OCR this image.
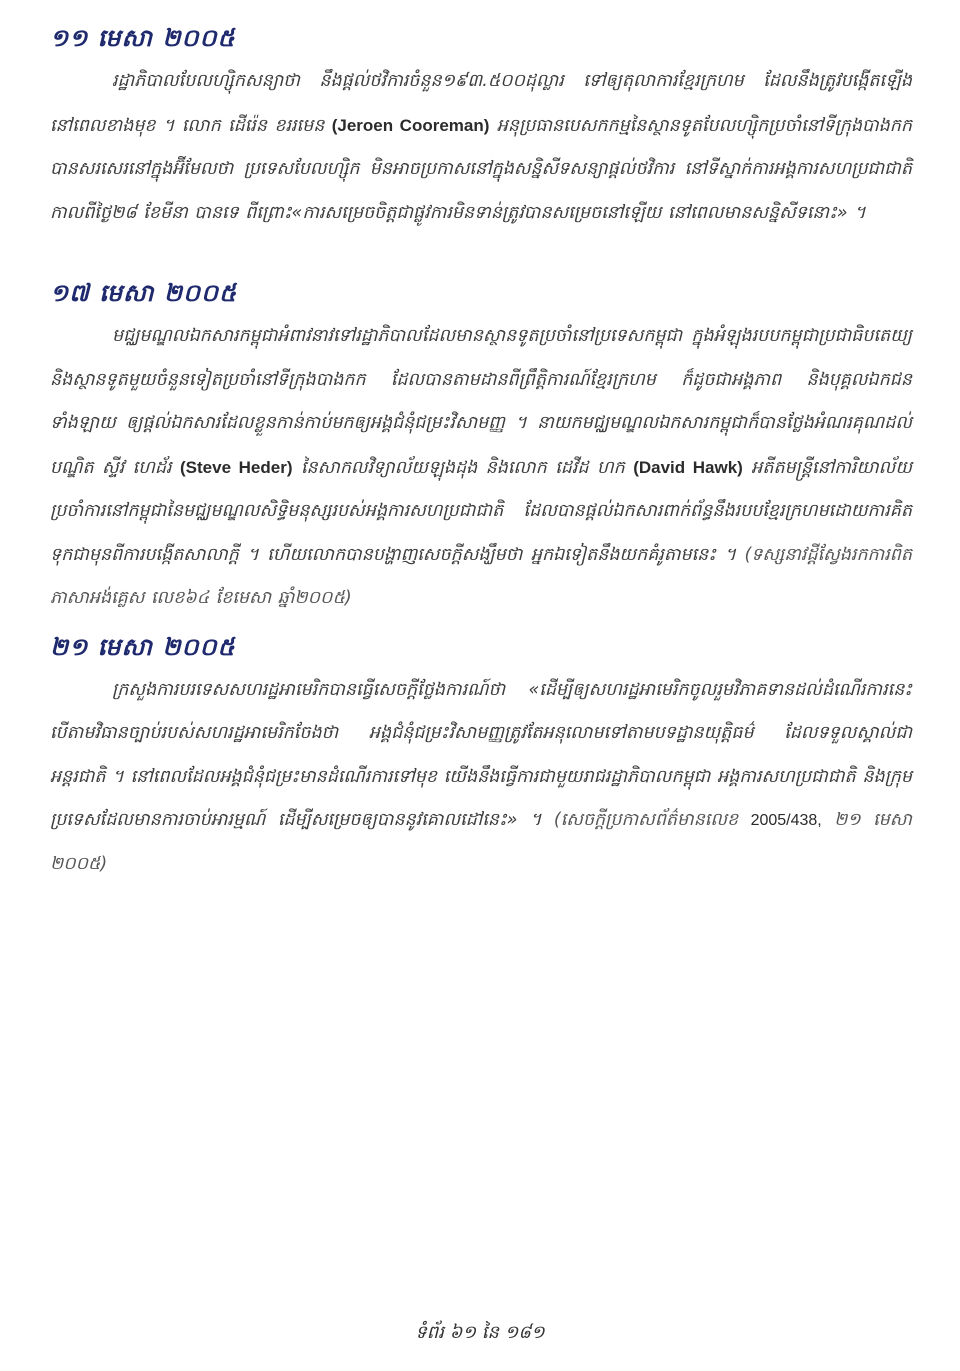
១១ មេសា ២០០៥

រដ្ឋាភិបាលបែលហ្ស៊ិកសន្យាថា នឹងផ្តល់ថវិការចំនួន១៩៣.៥០០ដុល្លារ ទៅឲ្យតុលាការខ្មែរក្រហម ដែលនឹងត្រូវបង្កើតឡើងនៅពេលខាងមុខ ។ លោក ដើរ៉េន ខររមេន (Jeroen Cooreman) អនុប្រធានបេសកកម្មនៃស្ថានទូតបែលហ្ស៊ិកប្រចាំនៅទីក្រុងបាងកក បានសរសេរនៅក្នុងអ៊ីមែលថា ប្រទេសបែលហ្ស៊ិក មិនអាចប្រកាសនៅក្នុងសន្និសីទសន្យាផ្តល់ថវិការ នៅទីស្នាក់ការអង្គការសហប្រជាជាតិ កាលពីថ្ងៃ២៨ ខែមីនា បានទេ ពីព្រោះ«ការសម្រេចចិត្តជាផ្លូវការមិនទាន់ត្រូវបានសម្រេចនៅឡើយ នៅពេលមានសន្និសីទនោះ» ។

១៧ មេសា ២០០៥

មជ្ឈមណ្ឌលឯកសារកម្ពុជាអំពាវនាវទៅរដ្ឋាភិបាលដែលមានស្ថានទូតប្រចាំនៅប្រទេសកម្ពុជា ក្នុងអំឡុងរបបកម្ពុជាប្រជាធិបតេយ្យ និងស្ថានទូតមួយចំនួនទៀតប្រចាំនៅទីក្រុងបាងកក ដែលបានតាមដានពីព្រឹត្តិការណ៍ខ្មែរក្រហម ក៏ដូចជាអង្គភាព និងបុគ្គលឯកជនទាំងឡាយ ឲ្យផ្តល់ឯកសារដែលខ្លួនកាន់កាប់មកឲ្យអង្គជំនុំជម្រះវិសាមញ្ញ ។ នាយកមជ្ឈមណ្ឌលឯកសារកម្ពុជាក៏បានថ្លែងអំណរគុណដល់បណ្ឌិត ស្ទីវ ហេដ័រ (Steve Heder) នៃសាកលវិទ្យាល័យឡុងដុង និងលោក ដេវីដ ហក (David Hawk) អតីតមន្ត្រីនៅការិយាល័យប្រចាំការនៅកម្ពុជានៃមជ្ឈមណ្ឌលសិទ្ធិមនុស្សរបស់អង្គការសហប្រជាជាតិ ដែលបានផ្តល់ឯកសារពាក់ព័ន្ធនឹងរបបខ្មែរក្រហមដោយការគិតទុកជាមុនពីការបង្កើតសាលាក្តី ។ ហើយលោកបានបង្ហាញសេចក្តីសង្ឃឹមថា អ្នកឯទៀតនឹងយកគំរូតាមនេះ ។ (ទស្សនាវដ្តីស្វែងរកការពិត ភាសាអង់គ្លេស លេខ៦៤ ខែមេសា ឆ្នាំ២០០៥)

២១ មេសា ២០០៥

ក្រសួងការបរទេសសហរដ្ឋអាមេរិកបានធ្វើសេចក្តីថ្លែងការណ៍ថា «ដើម្បីឲ្យសហរដ្ឋអាមេរិកចូលរួមវិភាគទានដល់ដំណើរការនេះ បើតាមវិធានច្បាប់របស់សហរដ្ឋអាមេរិកចែងថា អង្គជំនុំជម្រះវិសាមញ្ញត្រូវតែអនុលោមទៅតាមបទដ្ឋានយុត្តិធម៌ ដែលទទួលស្គាល់ជាអន្តរជាតិ ។ នៅពេលដែលអង្គជំនុំជម្រះមានដំណើរការទៅមុខ យើងនឹងធ្វើការជាមួយរាជរដ្ឋាភិបាលកម្ពុជា អង្គការសហប្រជាជាតិ និងក្រុមប្រទេសដែលមានការចាប់អារម្មណ៍ ដើម្បីសម្រេចឲ្យបាននូវគោលដៅនេះ» ។ (សេចក្តីប្រកាសព័ត៌មានលេខ 2005/438, ២១ មេសា ២០០៥)

ទំព័រ ៦១ នៃ ១៨១
